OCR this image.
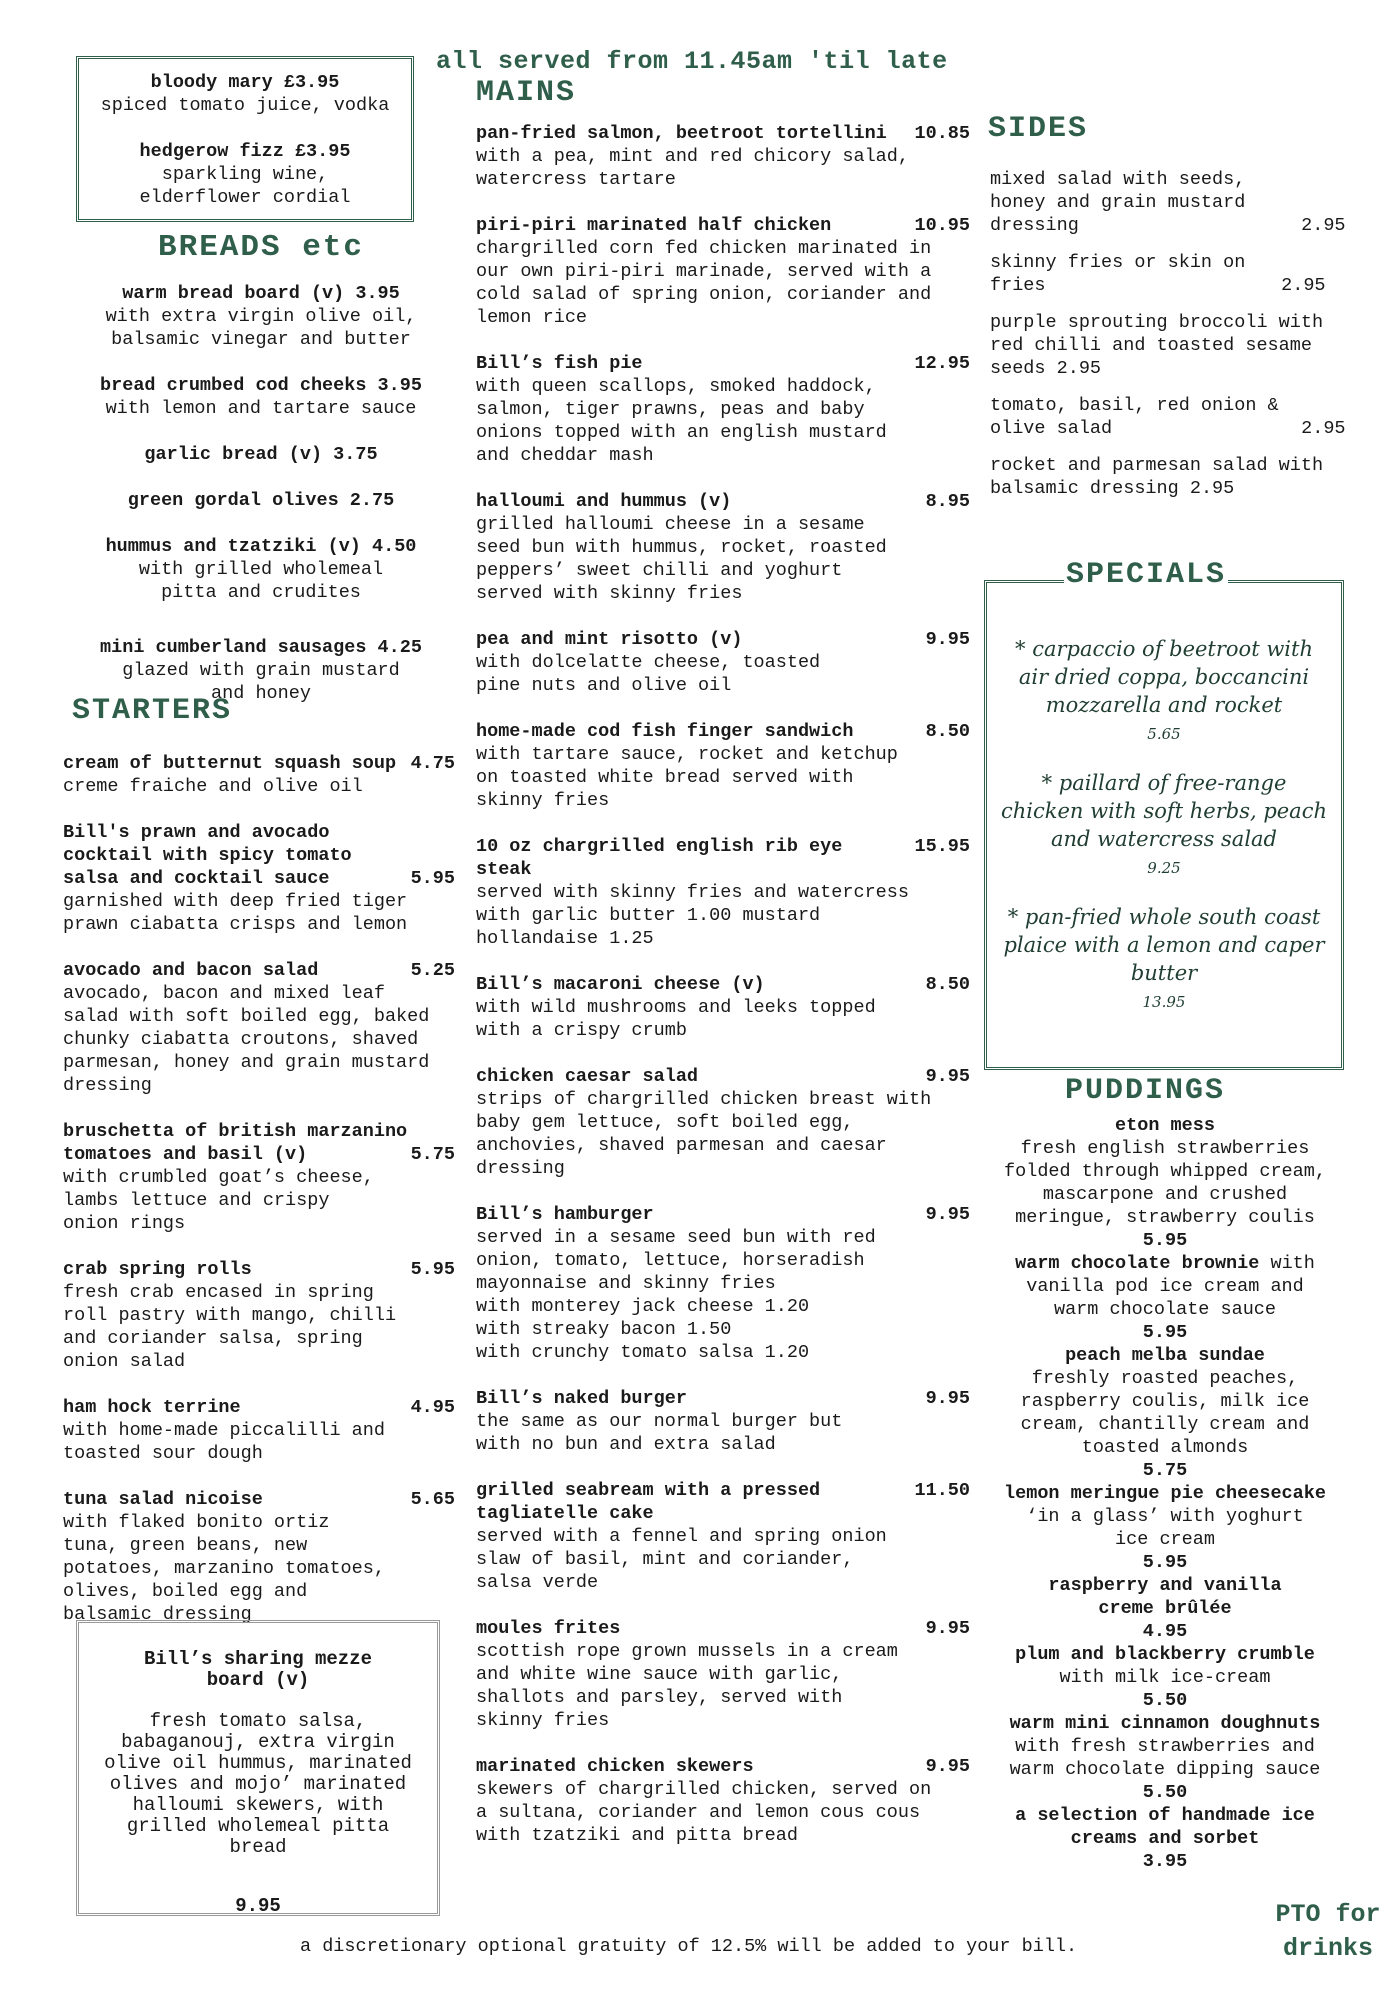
bloody mary £3.95
spiced tomato juice, vodka
hedgerow fizz £3.95
sparkling wine, elderflower cordial
all served from 11.45am 'til late
BREADS etc
warm bread board (v) 3.95
with extra virgin olive oil, balsamic vinegar and butter
bread crumbed cod cheeks 3.95
with lemon and tartare sauce
garlic bread (v) 3.75
green gordal olives 2.75
hummus and tzatziki (v) 4.50
with grilled wholemeal pitta and crudites
mini cumberland sausages 4.25
glazed with grain mustard and honey
STARTERS
cream of butternut squash soup 4.75
creme fraiche and olive oil
Bill's prawn and avocado cocktail with spicy tomato salsa and cocktail sauce	5.95
garnished with deep fried tiger prawn ciabatta crisps and lemon
avocado and bacon salad	5.25
avocado, bacon and mixed leaf salad with soft boiled egg, baked chunky ciabatta croutons, shaved parmesan, honey and grain mustard dressing
bruschetta of british marzanino tomatoes and basil (v)	5.75
with crumbled goat’s cheese, lambs lettuce and crispy onion rings
crab spring rolls	5.95
fresh crab encased in spring roll pastry with mango, chilli and coriander salsa, spring onion salad
ham hock terrine	4.95
with home-made piccalilli and toasted sour dough
tuna salad nicoise	5.65
with flaked bonito ortiz tuna, green beans, new potatoes, marzanino tomatoes, olives, boiled egg and balsamic dressing
Bill’s sharing mezze board (v)
fresh tomato salsa, babaganouj, extra virgin olive oil hummus, marinated olives and mojo’ marinated halloumi skewers, with grilled wholemeal pitta bread
9.95
MAINS
pan-fried salmon, beetroot tortellini 10.85
with a pea, mint and red chicory salad, watercress tartare
piri-piri marinated half chicken	10.95
chargrilled corn fed chicken marinated in our own piri-piri marinade, served with a cold salad of spring onion, coriander and lemon rice
Bill’s fish pie	12.95
with queen scallops, smoked haddock, salmon, tiger prawns, peas and baby onions topped with an english mustard and cheddar mash
halloumi and hummus (v)	8.95
grilled halloumi cheese in a sesame seed bun with hummus, rocket, roasted peppers’ sweet chilli and yoghurt served with skinny fries
pea and mint risotto (v)	9.95
with dolcelatte cheese, toasted pine nuts and olive oil
home-made cod fish finger sandwich	8.50
with tartare sauce, rocket and ketchup on toasted white bread served with skinny fries
10 oz chargrilled english rib eye steak
15.95
served with skinny fries and watercress with garlic butter 1.00 mustard hollandaise 1.25
Bill’s macaroni cheese (v)	8.50
with wild mushrooms and leeks topped with a crispy crumb
chicken caesar salad	9.95
strips of chargrilled chicken breast with baby gem lettuce, soft boiled egg, anchovies, shaved parmesan and caesar dressing
Bill’s hamburger	9.95
served in a sesame seed bun with red onion, tomato, lettuce, horseradish mayonnaise and skinny fries
with monterey jack cheese 1.20
with streaky bacon 1.50
with crunchy tomato salsa 1.20
Bill’s naked burger	9.95
the same as our normal burger but with no bun and extra salad
grilled seabream with a pressed tagliatelle cake
11.50
served with a fennel and spring onion slaw of basil, mint and coriander, salsa verde
moules frites	9.95
scottish rope grown mussels in a cream and white wine sauce with garlic, shallots and parsley, served with skinny fries
marinated chicken skewers	9.95
skewers of chargrilled chicken, served on a sultana, coriander and lemon cous cous with tzatziki and pitta bread
SIDES
mixed salad with seeds, honey and grain mustard dressing	2.95
skinny fries or skin on fries	2.95
purple sprouting broccoli with red chilli and toasted sesame seeds 2.95
tomato, basil, red onion & olive salad	2.95
rocket and parmesan salad with balsamic dressing 2.95
* carpaccio of beetroot with air dried coppa, boccancini mozzarella and rocket
5.65
* paillard of free-range chicken with soft herbs, peach and watercress salad
9.25
* pan-fried whole south coast plaice with a lemon and caper butter
13.95
SPECIALS
PUDDINGS
eton mess
fresh english strawberries folded through whipped cream, mascarpone and crushed meringue, strawberry coulis
5.95
warm chocolate brownie with vanilla pod ice cream and warm chocolate sauce
5.95
peach melba sundae
freshly roasted peaches, raspberry coulis, milk ice cream, chantilly cream and toasted almonds
5.75
lemon meringue pie cheesecake
‘in a glass’ with yoghurt ice cream
5.95
raspberry and vanilla creme brûlée
4.95
plum and blackberry crumble
with milk ice-cream
5.50
warm mini cinnamon doughnuts
with fresh strawberries and warm chocolate dipping sauce
5.50
a selection of handmade ice creams and sorbet
3.95
PTO for drinks
a discretionary optional gratuity of 12.5% will be added to your bill.
